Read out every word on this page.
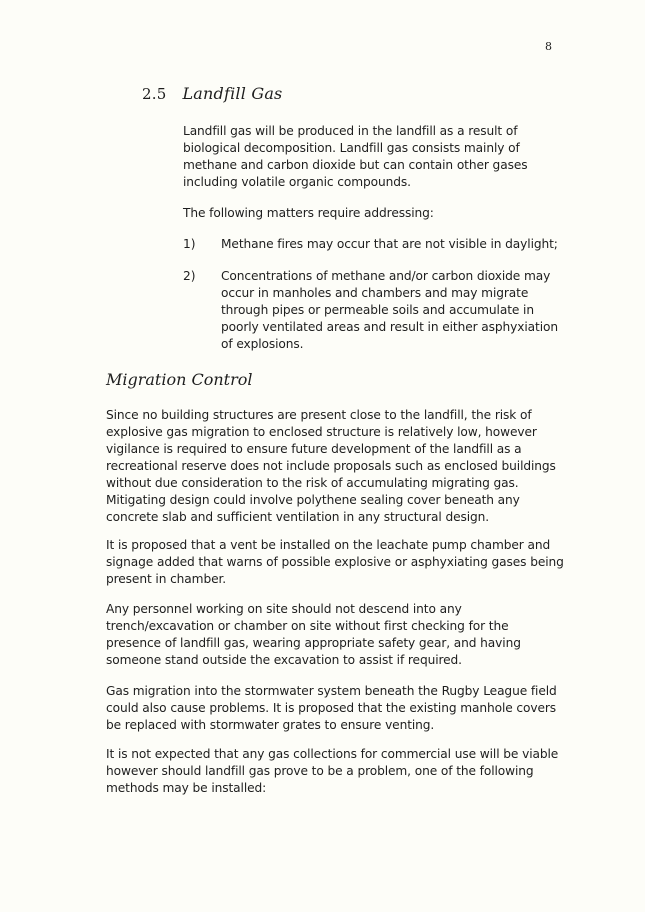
8
2.5 Landfill Gas

Landfill gas will be produced in the landfill as a result of biological decomposition. Landfill gas consists mainly of methane and carbon dioxide but can contain other gases including volatile organic compounds.

The following matters require addressing:

1) Methane fires may occur that are not visible in daylight;

2) Concentrations of methane and/or carbon dioxide may occur in manholes and chambers and may migrate through pipes or permeable soils and accumulate in poorly ventilated areas and result in either asphyxiation of explosions.

Migration Control

Since no building structures are present close to the landfill, the risk of explosive gas migration to enclosed structure is relatively low, however vigilance is required to ensure future development of the landfill as a recreational reserve does not include proposals such as enclosed buildings without due consideration to the risk of accumulating migrating gas. Mitigating design could involve polythene sealing cover beneath any concrete slab and sufficient ventilation in any structural design.

It is proposed that a vent be installed on the leachate pump chamber and signage added that warns of possible explosive or asphyxiating gases being present in chamber.

Any personnel working on site should not descend into any trench/excavation or chamber on site without first checking for the presence of landfill gas, wearing appropriate safety gear, and having someone stand outside the excavation to assist if required.

Gas migration into the stormwater system beneath the Rugby League field could also cause problems. It is proposed that the existing manhole covers be replaced with stormwater grates to ensure venting.

It is not expected that any gas collections for commercial use will be viable however should landfill gas prove to be a problem, one of the following methods may be installed:
